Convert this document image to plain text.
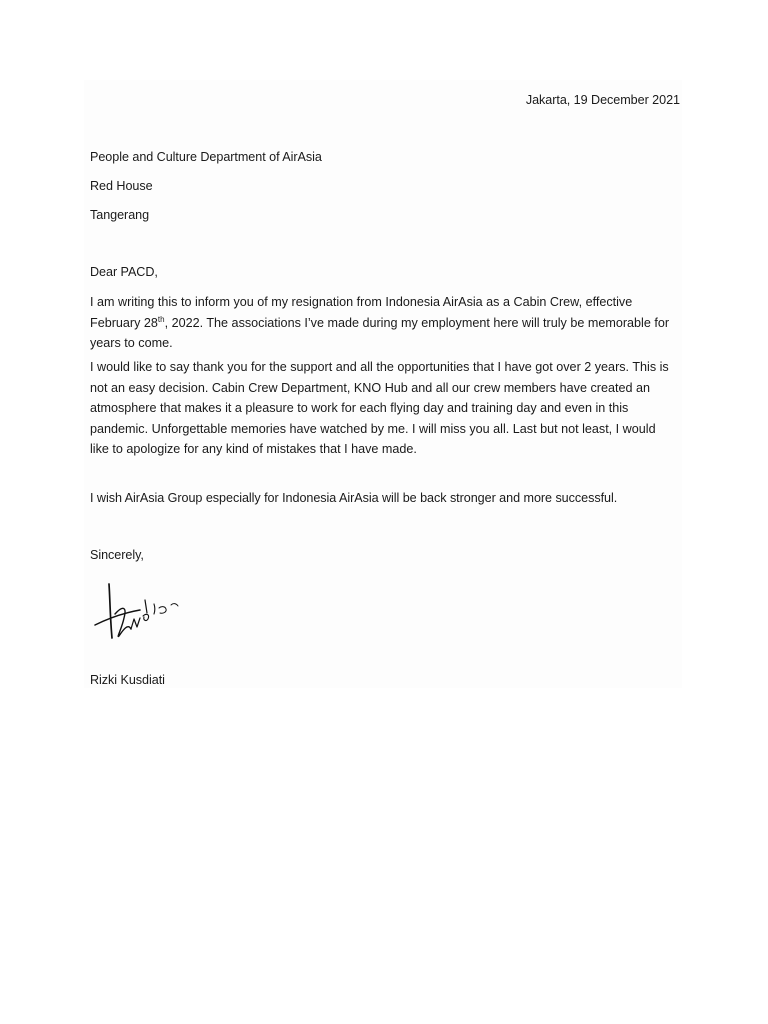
Jakarta, 19 December 2021
People and Culture Department of AirAsia
Red House
Tangerang
Dear PACD,
I am writing this to inform you of my resignation from Indonesia AirAsia as a Cabin Crew, effective
February 28th, 2022. The associations I’ve made during my employment here will truly be memorable for
years to come.
I would like to say thank you for the support and all the opportunities that I have got over 2 years. This is
not an easy decision. Cabin Crew Department, KNO Hub and all our crew members have created an
atmosphere that makes it a pleasure to work for each flying day and training day and even in this
pandemic. Unforgettable memories have watched by me. I will miss you all. Last but not least, I would
like to apologize for any kind of mistakes that I have made.
I wish AirAsia Group especially for Indonesia AirAsia will be back stronger and more successful.
Sincerely,
Rizki Kusdiati
